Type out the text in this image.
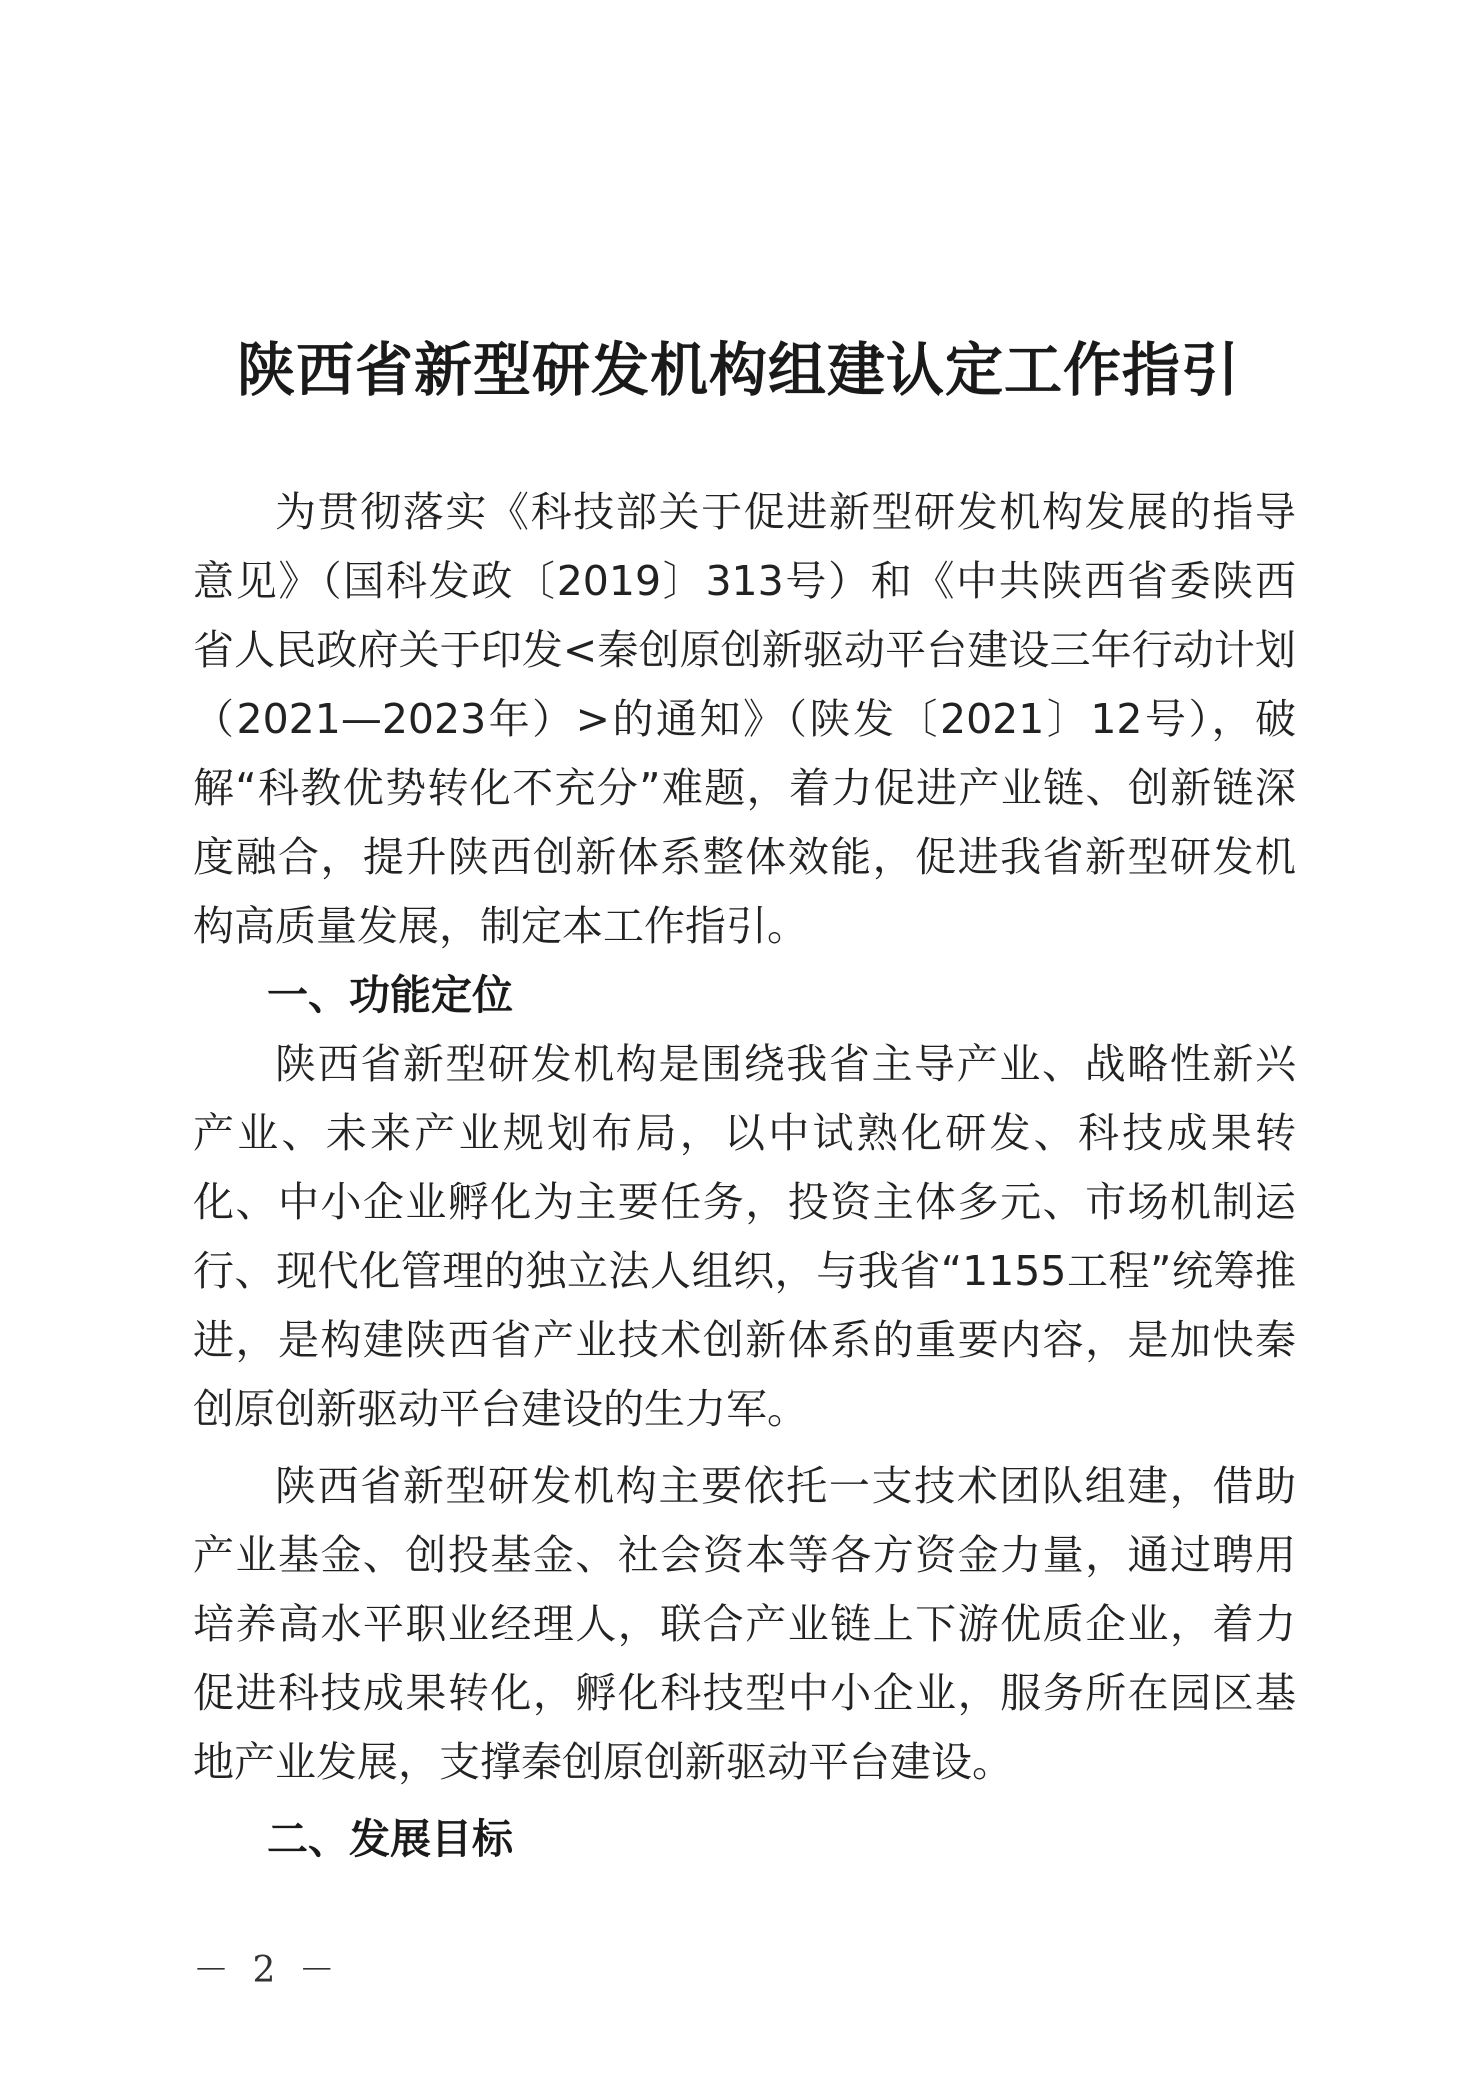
陕西省新型研发机构组建认定工作指引

为贯彻落实《科技部关于促进新型研发机构发展的指导意见》（国科发政〔2019〕313号）和《中共陕西省委陕西省人民政府关于印发<秦创原创新驱动平台建设三年行动计划（2021—2023年）>的通知》（陕发〔2021〕12号），破解“科教优势转化不充分”难题，着力促进产业链、创新链深度融合，提升陕西创新体系整体效能，促进我省新型研发机构高质量发展，制定本工作指引。

一、功能定位

陕西省新型研发机构是围绕我省主导产业、战略性新兴产业、未来产业规划布局，以中试熟化研发、科技成果转化、中小企业孵化为主要任务，投资主体多元、市场机制运行、现代化管理的独立法人组织，与我省“1155工程”统筹推进，是构建陕西省产业技术创新体系的重要内容，是加快秦创原创新驱动平台建设的生力军。

陕西省新型研发机构主要依托一支技术团队组建，借助产业基金、创投基金、社会资本等各方资金力量，通过聘用培养高水平职业经理人，联合产业链上下游优质企业，着力促进科技成果转化，孵化科技型中小企业，服务所在园区基地产业发展，支撑秦创原创新驱动平台建设。

二、发展目标
－ 2 －
